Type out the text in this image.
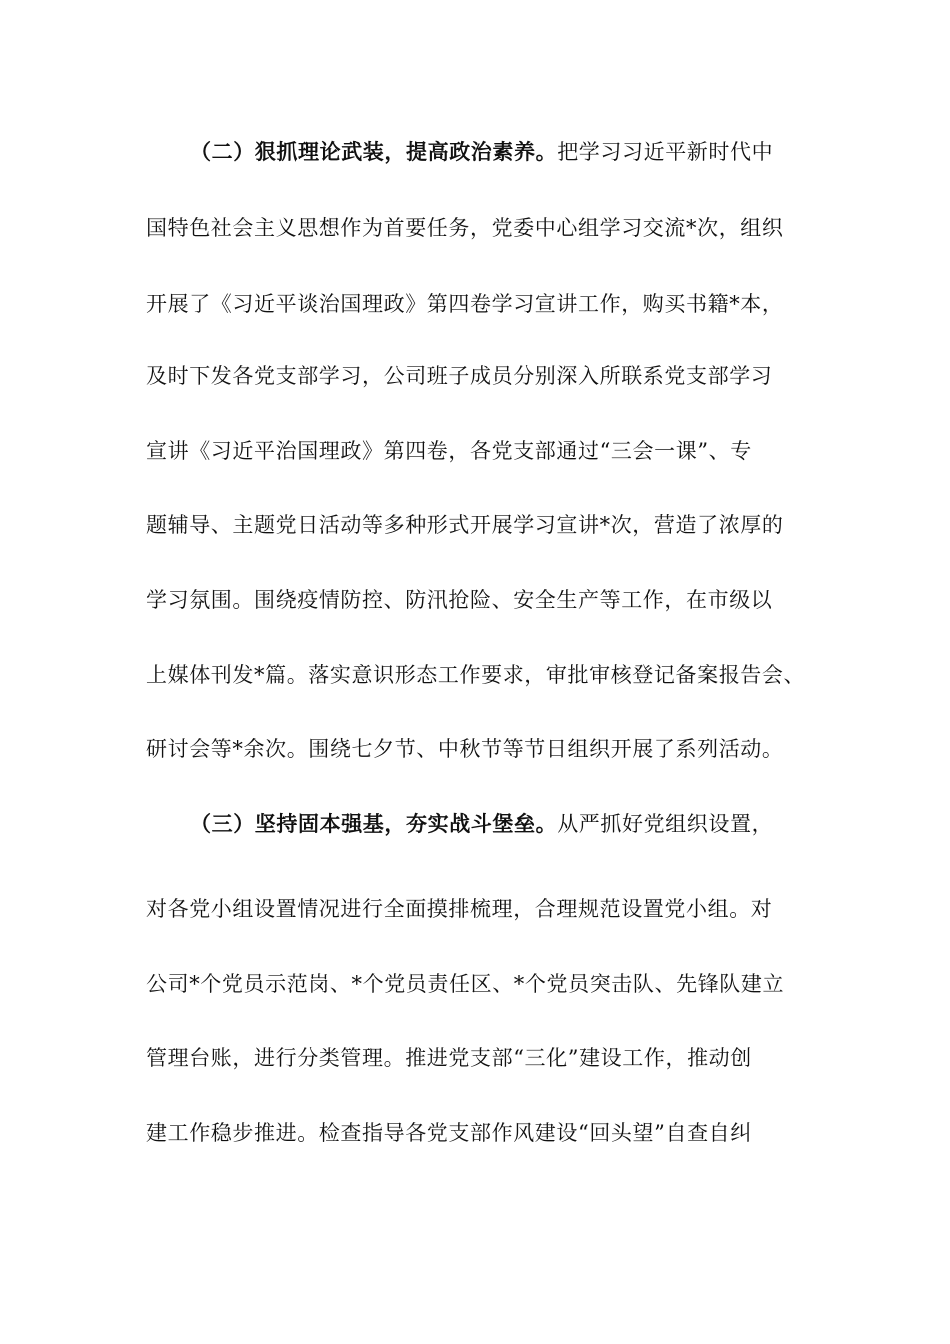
（二）狠抓理论武装，提高政治素养。把学习习近平新时代中
国特色社会主义思想作为首要任务，党委中心组学习交流*次，组织
开展了《习近平谈治国理政》第四卷学习宣讲工作，购买书籍*本，
及时下发各党支部学习，公司班子成员分别深入所联系党支部学习
宣讲《习近平治国理政》第四卷，各党支部通过“三会一课”、专
题辅导、主题党日活动等多种形式开展学习宣讲*次，营造了浓厚的
学习氛围。围绕疫情防控、防汛抢险、安全生产等工作，在市级以
上媒体刊发*篇。落实意识形态工作要求，审批审核登记备案报告会、
研讨会等*余次。围绕七夕节、中秋节等节日组织开展了系列活动。
（三）坚持固本强基，夯实战斗堡垒。从严抓好党组织设置，
对各党小组设置情况进行全面摸排梳理，合理规范设置党小组。对
公司*个党员示范岗、*个党员责任区、*个党员突击队、先锋队建立
管理台账，进行分类管理。推进党支部“三化”建设工作，推动创
建工作稳步推进。检查指导各党支部作风建设“回头望”自查自纠
